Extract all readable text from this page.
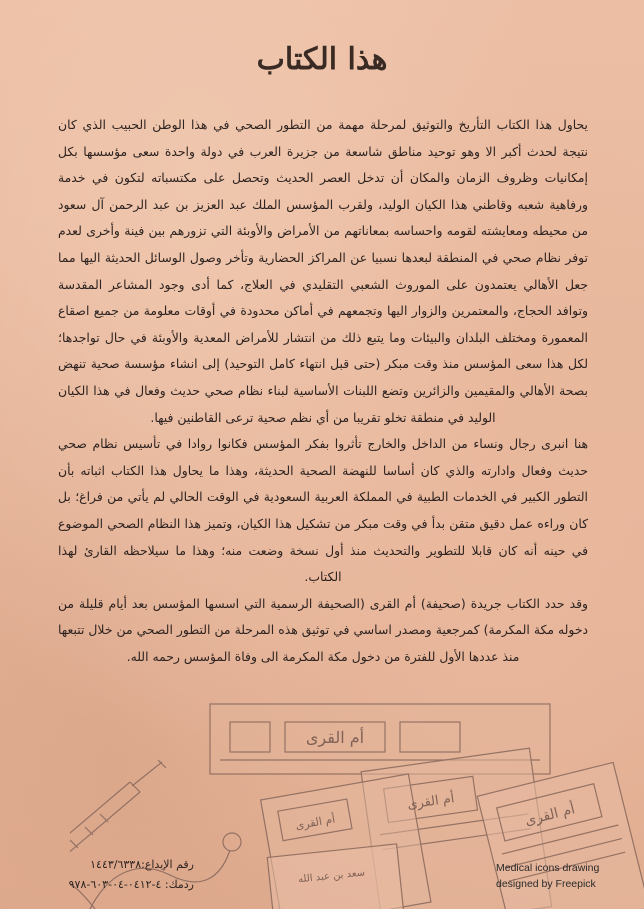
هذا الكتاب

يحاول هذا الكتاب التأريخ والتوثيق لمرحلة مهمة من التطور الصحي في هذا الوطن الحبيب الذي كان نتيجة لحدث أكبر الا وهو توحيد مناطق شاسعة من جزيرة العرب في دولة واحدة سعى مؤسسها بكل إمكانيات وظروف الزمان والمكان أن تدخل العصر الحديث وتحصل على مكتسباته لتكون في خدمة ورفاهية شعبه وقاطني هذا الكيان الوليد، ولقرب المؤسس الملك عبد العزيز بن عبد الرحمن آل سعود من محيطه ومعايشته لقومه واحساسه بمعاناتهم من الأمراض والأوبئة التي تزورهم بين فينة وأخرى لعدم توفر نظام صحي في المنطقة لبعدها نسبيا عن المراكز الحضارية وتأخر وصول الوسائل الحديثة اليها مما جعل الأهالي يعتمدون على الموروث الشعبي التقليدي في العلاج، كما أدى وجود المشاعر المقدسة وتوافد الحجاج، والمعتمرين والزوار اليها وتجمعهم في أماكن محدودة في أوقات معلومة من جميع اصقاع المعمورة ومختلف البلدان والبيئات وما يتبع ذلك من انتشار للأمراض المعدية والأوبئة في حال تواجدها؛ لكل هذا سعى المؤسس منذ وقت مبكر (حتى قبل انتهاء كامل التوحيد) إلى انشاء مؤسسة صحية تنهض بصحة الأهالي والمقيمين والزائرين وتضع اللبنات الأساسية لبناء نظام صحي حديث وفعال في هذا الكيان الوليد في منطقة تخلو تقريبا من أي نظم صحية ترعى القاطنين فيها.

هنا انبرى رجال ونساء من الداخل والخارج تأثروا بفكر المؤسس فكانوا روادا في تأسيس نظام صحي حديث وفعال وادارته والذي كان أساسا للنهضة الصحية الحديثة، وهذا ما يحاول هذا الكتاب اثباته بأن التطور الكبير في الخدمات الطبية في المملكة العربية السعودية في الوقت الحالي لم يأتي من فراغ؛ بل كان وراءه عمل دقيق متقن بدأ في وقت مبكر من تشكيل هذا الكيان، وتميز هذا النظام الصحي الموضوع في حينه أنه كان قابلا للتطوير والتحديث منذ أول نسخة وضعت منه؛ وهذا ما سيلاحظه القارئ لهذا الكتاب.

وقد حدد الكتاب جريدة (صحيفة) أم القرى (الصحيفة الرسمية التي اسسها المؤسس بعد أيام قليلة من دخوله مكة المكرمة) كمرجعية ومصدر اساسي في توثيق هذه المرحلة من التطور الصحي من خلال تتبعها منذ عددها الأول للفترة من دخول مكة المكرمة الى وفاة المؤسس رحمه الله.

أم القرى
أم القرى
أم القرى	أم القرى
سعد بن عبد الله
رقم الإيداع:١٤٤٣/٦٣٣٨
ردمك: ٤-٠٤١٢-٠٤-٦٠٣-٩٧٨
Medical icons drawing
designed by Freepick
